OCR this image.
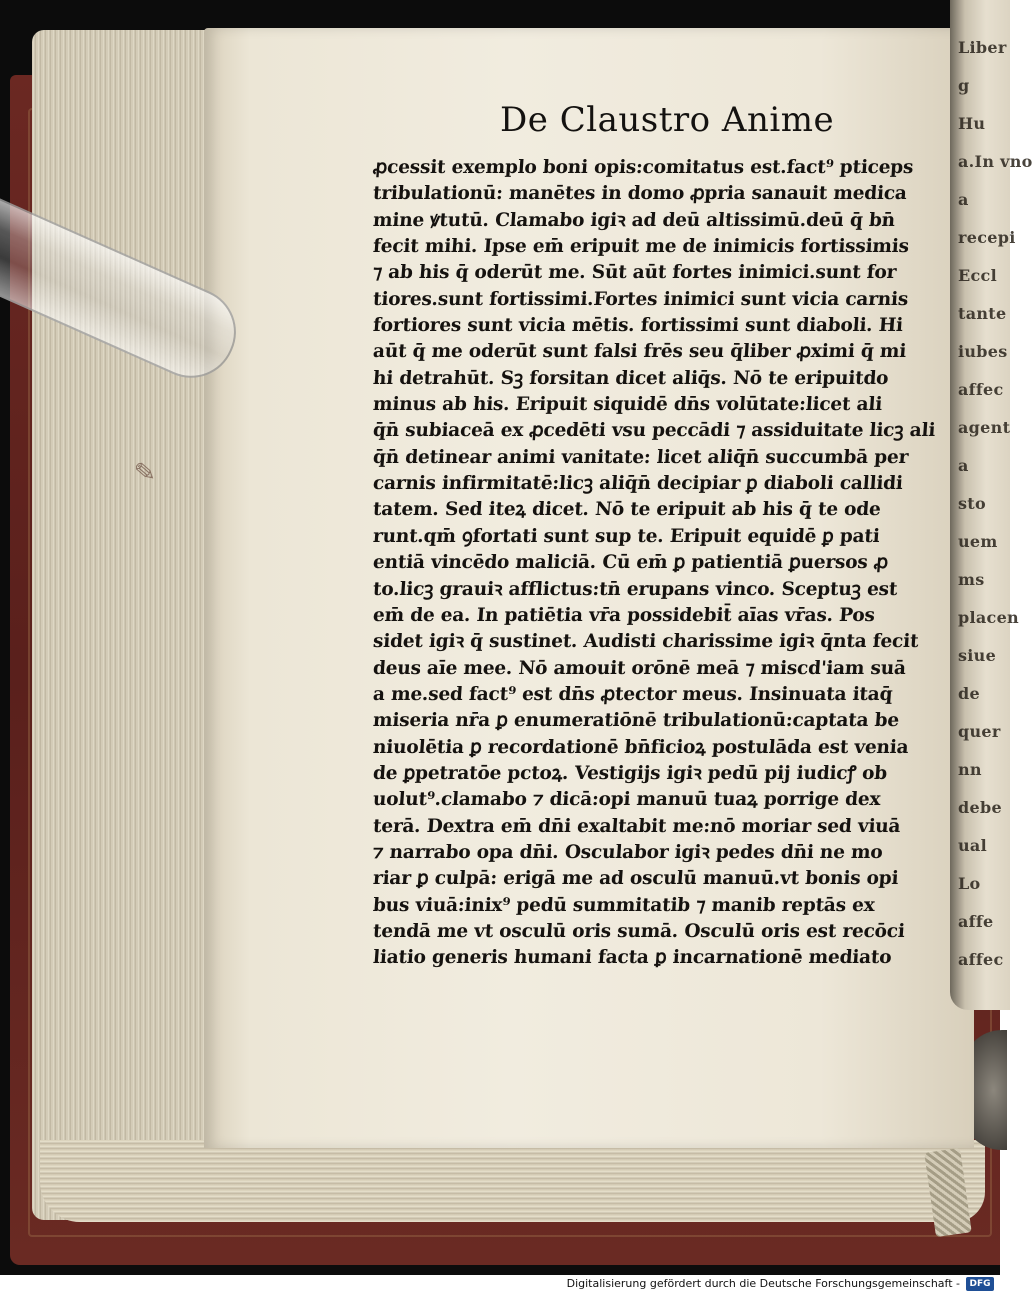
✎
Liber
g
Hu
a.In vno
a
recepi
Eccl
tante
iubes
affec
agent
a
sto
uem
ms
placen
siue
de
quer
nn
debe
ual
Lo
affe
affec
De Claustro Anime
ꝓcessit exemplo boni opis:comitatus est.fact⁹ pticeps
tribulationū: manētes in domo ꝓpria sanauit medica
mine ꝟtutū. Clamabo igiꝛ ad deū altissimū.deū q̄ bn̄
fecit mihi. Ipse em̄ eripuit me de inimicis fortissimis
⁊ ab his q̄ oderūt me. Sūt aūt fortes inimici.sunt for
tiores.sunt fortissimi.Fortes inimici sunt vicia carnis
fortiores sunt vicia mētis. fortissimi sunt diaboli. Hi
aūt q̄ me oderūt sunt falsi frēs seu q̄liber ꝓximi q̄ mi
hi detrahūt. Sꝫ forsitan dicet aliq̄s. Nō te eripuitdo
minus ab his. Eripuit siquidē dn̄s volūtate:licet ali
q̄n̄ subiaceā ex ꝓcedēti vsu peccādi ⁊ assiduitate licꝫ ali
q̄n̄ detinear animi vanitate: licet aliq̄n̄ succumbā per
carnis infirmitatē:licꝫ aliq̄n̄ decipiar ꝑ diaboli callidi
tatem. Sed iteꝝ dicet. Nō te eripuit ab his q̄ te ode
runt.qm̄ ꝯfortati sunt sup te. Eripuit equidē ꝑ pati
entiā vincēdo maliciā. Cū em̄ ꝑ patientiā ꝑuersos ꝓ
to.licꝫ grauiꝛ afflictus:tn̄ erupans vinco. Sceptuꝫ est
em̄ de ea. In patiētia vr̄a possidebit̄ aīas vr̄as. Pos
sidet igiꝛ q̄ sustinet. Audisti charissime igiꝛ q̄nta fecit
deus aīe mee. Nō amouit orōnē meā ⁊ miscd'iam suā
a me.sed fact⁹ est dn̄s ꝓtector meus. Insinuata itaq̄
miseria nr̄a ꝑ enumeratiōnē tribulationū:captata be
niuolētia ꝑ recordationē bn̄ficioꝝ postulāda est venia
de ꝑpetratōe pctoꝝ. Vestigijs igiꝛ pedū pij iudicꝭ ob
uolut⁹.clamabo ⁊ dicā:opi manuū tuaꝝ porrige dex
terā. Dextra em̄ dn̄i exaltabit me:nō moriar sed viuā
⁊ narrabo opa dn̄i. Osculabor igiꝛ pedes dn̄i ne mo
riar ꝑ culpā: erigā me ad osculū manuū.vt bonis opi
bus viuā:inix⁹ pedū summitatib ⁊ manib reptās ex
tendā me vt osculū oris sumā. Osculū oris est recōci
liatio generis humani facta ꝑ incarnationē mediato
Digitalisierung gefördert durch die Deutsche Forschungsgemeinschaft -	DFG
